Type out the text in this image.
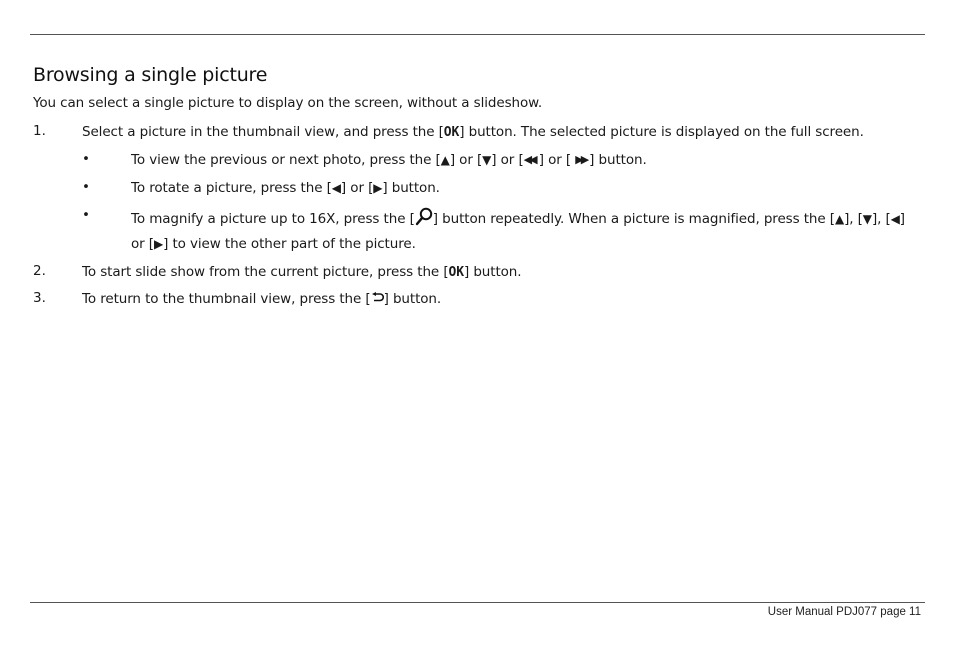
Browsing a single picture
You can select a single picture to display on the screen, without a slideshow.
1.	Select a picture in the thumbnail view, and press the [OK] button. The selected picture is displayed on the full screen.
•	To view the previous or next photo, press the [▲] or [▼] or [◀◀ ] or [ ▶▶ ] button.
•	To rotate a picture, press the [◀] or [▶] button.
•	To magnify a picture up to 16X, press the [ ] button repeatedly. When a picture is magnified, press the [▲], [▼], [◀]
or [▶] to view the other part of the picture.
2.	To start slide show from the current picture, press the [OK] button.
3.	To return to the thumbnail view, press the [ ] button.
User Manual PDJ077 page 11
